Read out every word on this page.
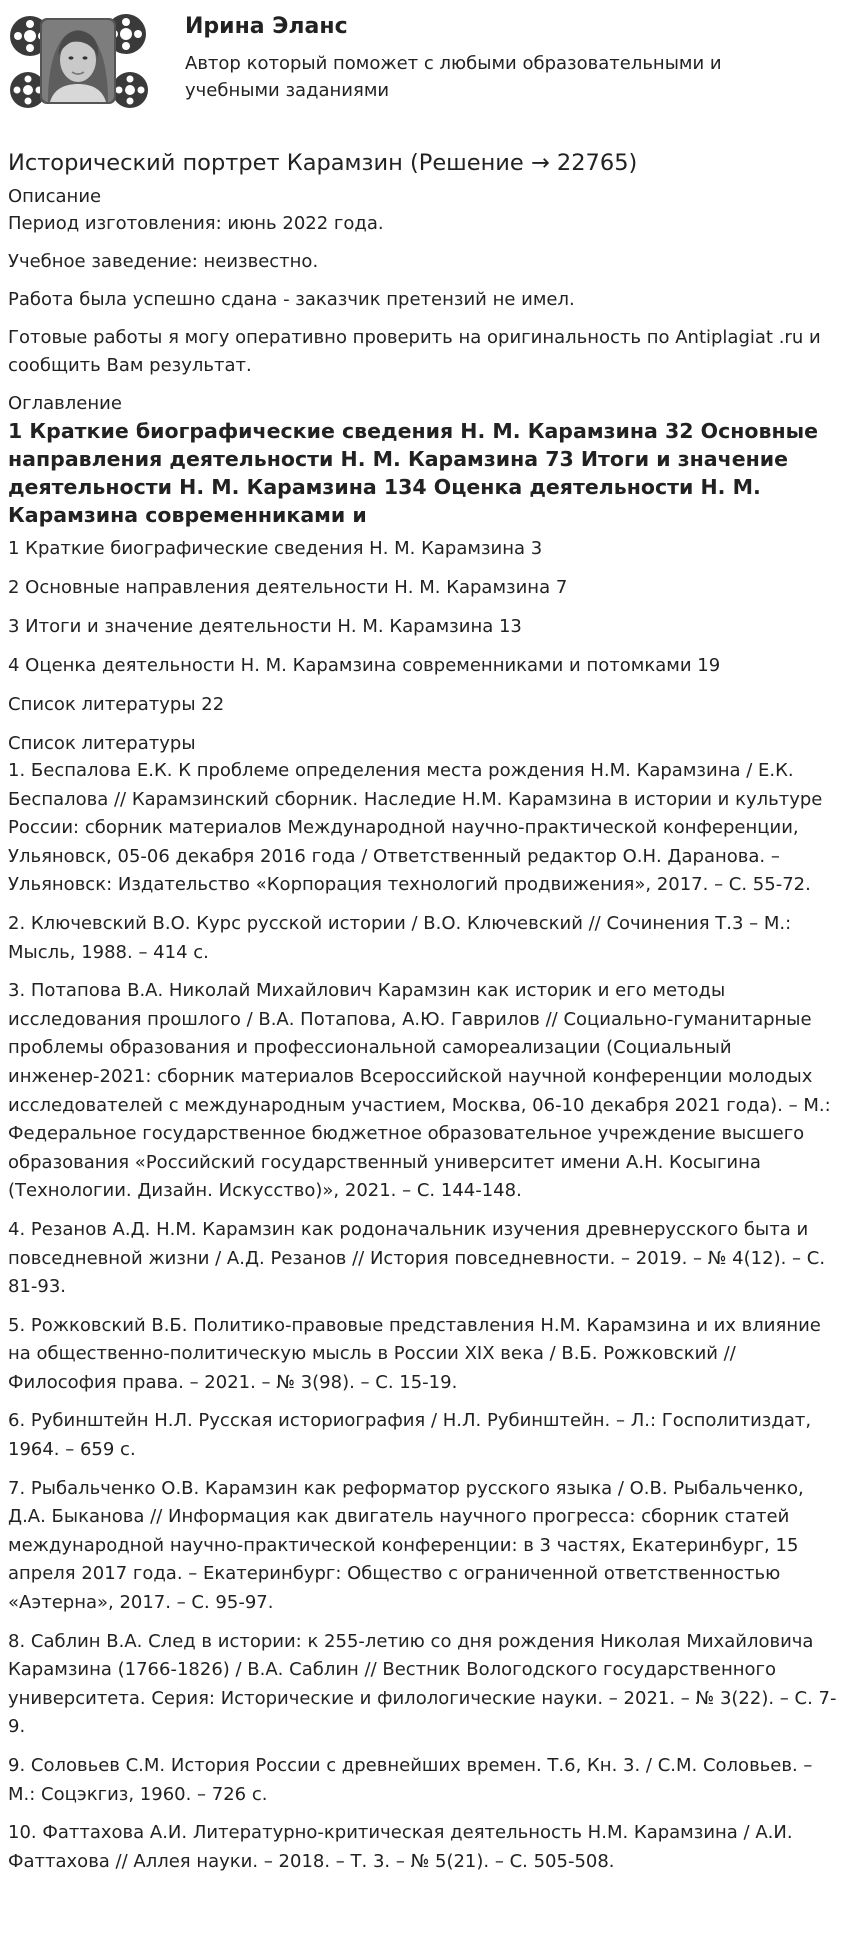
Ирина Эланс
Автор который поможет с любыми образовательными и учебными заданиями
Исторический портрет Карамзин (Решение → 22765)
Описание

Период изготовления: июнь 2022 года.

Учебное заведение: неизвестно.

Работа была успешно сдана - заказчик претензий не имел.

Готовые работы я могу оперативно проверить на оригинальность по Antiplagiat .ru и сообщить Вам результат.

Оглавление
1 Краткие биографические сведения Н. М. Карамзина 32 Основные направления деятельности Н. М. Карамзина 73 Итоги и значение деятельности Н. М. Карамзина 134 Оценка деятельности Н. М. Карамзина современниками и

1 Краткие биографические сведения Н. М. Карамзина 3

2 Основные направления деятельности Н. М. Карамзина 7

3 Итоги и значение деятельности Н. М. Карамзина 13

4 Оценка деятельности Н. М. Карамзина современниками и потомками 19

Список литературы 22

Список литературы

1. Беспалова Е.К. К проблеме определения места рождения Н.М. Карамзина / Е.К. Беспалова // Карамзинский сборник. Наследие Н.М. Карамзина в истории и культуре России: сборник материалов Международной научно-практической конференции, Ульяновск, 05-06 декабря 2016 года / Ответственный редактор О.Н. Даранова. – Ульяновск: Издательство «Корпорация технологий продвижения», 2017. – С. 55-72.

2. Ключевский В.О. Курс русской истории / В.О. Ключевский // Сочинения Т.3 – М.: Мысль, 1988. – 414 с.

3. Потапова В.А. Николай Михайлович Карамзин как историк и его методы исследования прошлого / В.А. Потапова, А.Ю. Гаврилов // Социально-гуманитарные проблемы образования и профессиональной самореализации (Социальный инженер-2021: сборник материалов Всероссийской научной конференции молодых исследователей с международным участием, Москва, 06-10 декабря 2021 года). – М.: Федеральное государственное бюджетное образовательное учреждение высшего образования «Российский государственный университет имени А.Н. Косыгина (Технологии. Дизайн. Искусство)», 2021. – С. 144-148.

4. Резанов А.Д. Н.М. Карамзин как родоначальник изучения древнерусского быта и повседневной жизни / А.Д. Резанов // История повседневности. – 2019. – № 4(12). – С. 81-93.

5. Рожковский В.Б. Политико-правовые представления Н.М. Карамзина и их влияние на общественно-политическую мысль в России XIX века / В.Б. Рожковский // Философия права. – 2021. – № 3(98). – С. 15-19.

6. Рубинштейн Н.Л. Русская историография / Н.Л. Рубинштейн. – Л.: Госполитиздат, 1964. – 659 с.

7. Рыбальченко О.В. Карамзин как реформатор русского языка / О.В. Рыбальченко, Д.А. Быканова // Информация как двигатель научного прогресса: сборник статей международной научно-практической конференции: в 3 частях, Екатеринбург, 15 апреля 2017 года. – Екатеринбург: Общество с ограниченной ответственностью «Аэтерна», 2017. – С. 95-97.

8. Саблин В.А. След в истории: к 255-летию со дня рождения Николая Михайловича Карамзина (1766-1826) / В.А. Саблин // Вестник Вологодского государственного университета. Серия: Исторические и филологические науки. – 2021. – № 3(22). – С. 7-9.

9. Соловьев С.М. История России с древнейших времен. Т.6, Кн. 3. / С.М. Соловьев. – М.: Соцэкгиз, 1960. – 726 с.

10. Фаттахова А.И. Литературно-критическая деятельность Н.М. Карамзина / А.И. Фаттахова // Аллея науки. – 2018. – Т. 3. – № 5(21). – С. 505-508.
